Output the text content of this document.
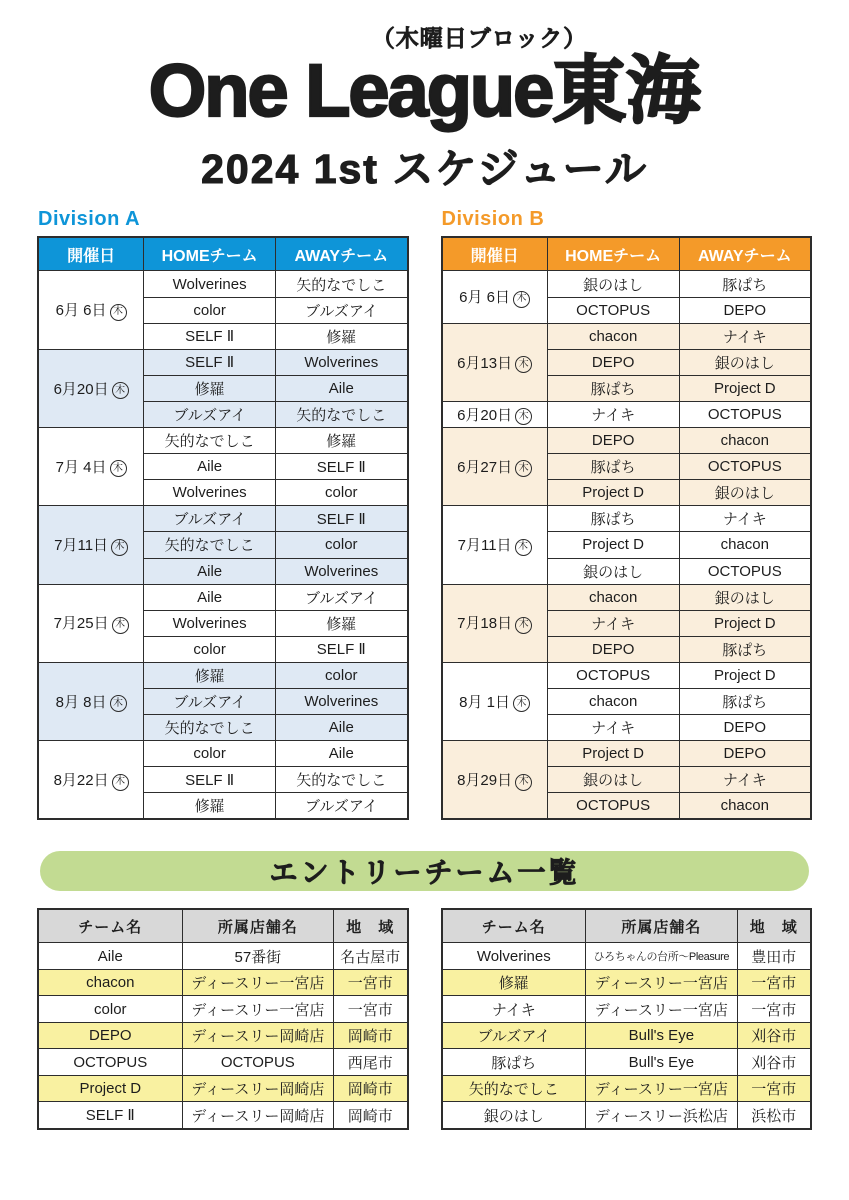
（木曜日ブロック）
One League東海
2024 1st スケジュール
Division A
開催日	HOMEチーム	AWAYチーム
6月 6日 木	Wolverines	矢的なでしこ
	color	ブルズアイ
	SELF Ⅱ	修羅
6月20日 木	SELF Ⅱ	Wolverines
	修羅	Aile
	ブルズアイ	矢的なでしこ
7月 4日 木	矢的なでしこ	修羅
	Aile	SELF Ⅱ
	Wolverines	color
7月11日 木	ブルズアイ	SELF Ⅱ
	矢的なでしこ	color
	Aile	Wolverines
7月25日 木	Aile	ブルズアイ
	Wolverines	修羅
	color	SELF Ⅱ
8月 8日 木	修羅	color
	ブルズアイ	Wolverines
	矢的なでしこ	Aile
8月22日 木	color	Aile
	SELF Ⅱ	矢的なでしこ
	修羅	ブルズアイ
Division B
開催日	HOMEチーム	AWAYチーム
6月 6日 木	銀のはし	豚ぱち
	OCTOPUS	DEPO
6月13日 木	chacon	ナイキ
	DEPO	銀のはし
	豚ぱち	Project D
6月20日 木	ナイキ	OCTOPUS
6月27日 木	DEPO	chacon
	豚ぱち	OCTOPUS
	Project D	銀のはし
7月11日 木	豚ぱち	ナイキ
	Project D	chacon
	銀のはし	OCTOPUS
7月18日 木	chacon	銀のはし
	ナイキ	Project D
	DEPO	豚ぱち
8月 1日 木	OCTOPUS	Project D
	chacon	豚ぱち
	ナイキ	DEPO
8月29日 木	Project D	DEPO
	銀のはし	ナイキ
	OCTOPUS	chacon
エントリーチーム一覧
チーム名	所属店舗名	地　域
Aile	57番街	名古屋市
chacon	ディースリー一宮店	一宮市
color	ディースリー一宮店	一宮市
DEPO	ディースリー岡崎店	岡崎市
OCTOPUS	OCTOPUS	西尾市
Project D	ディースリー岡崎店	岡崎市
SELF Ⅱ	ディースリー岡崎店	岡崎市
チーム名	所属店舗名	地　域
Wolverines	ひろちゃんの台所～Pleasure	豊田市
修羅	ディースリー一宮店	一宮市
ナイキ	ディースリー一宮店	一宮市
ブルズアイ	Bull's Eye	刈谷市
豚ぱち	Bull's Eye	刈谷市
矢的なでしこ	ディースリー一宮店	一宮市
銀のはし	ディースリー浜松店	浜松市
